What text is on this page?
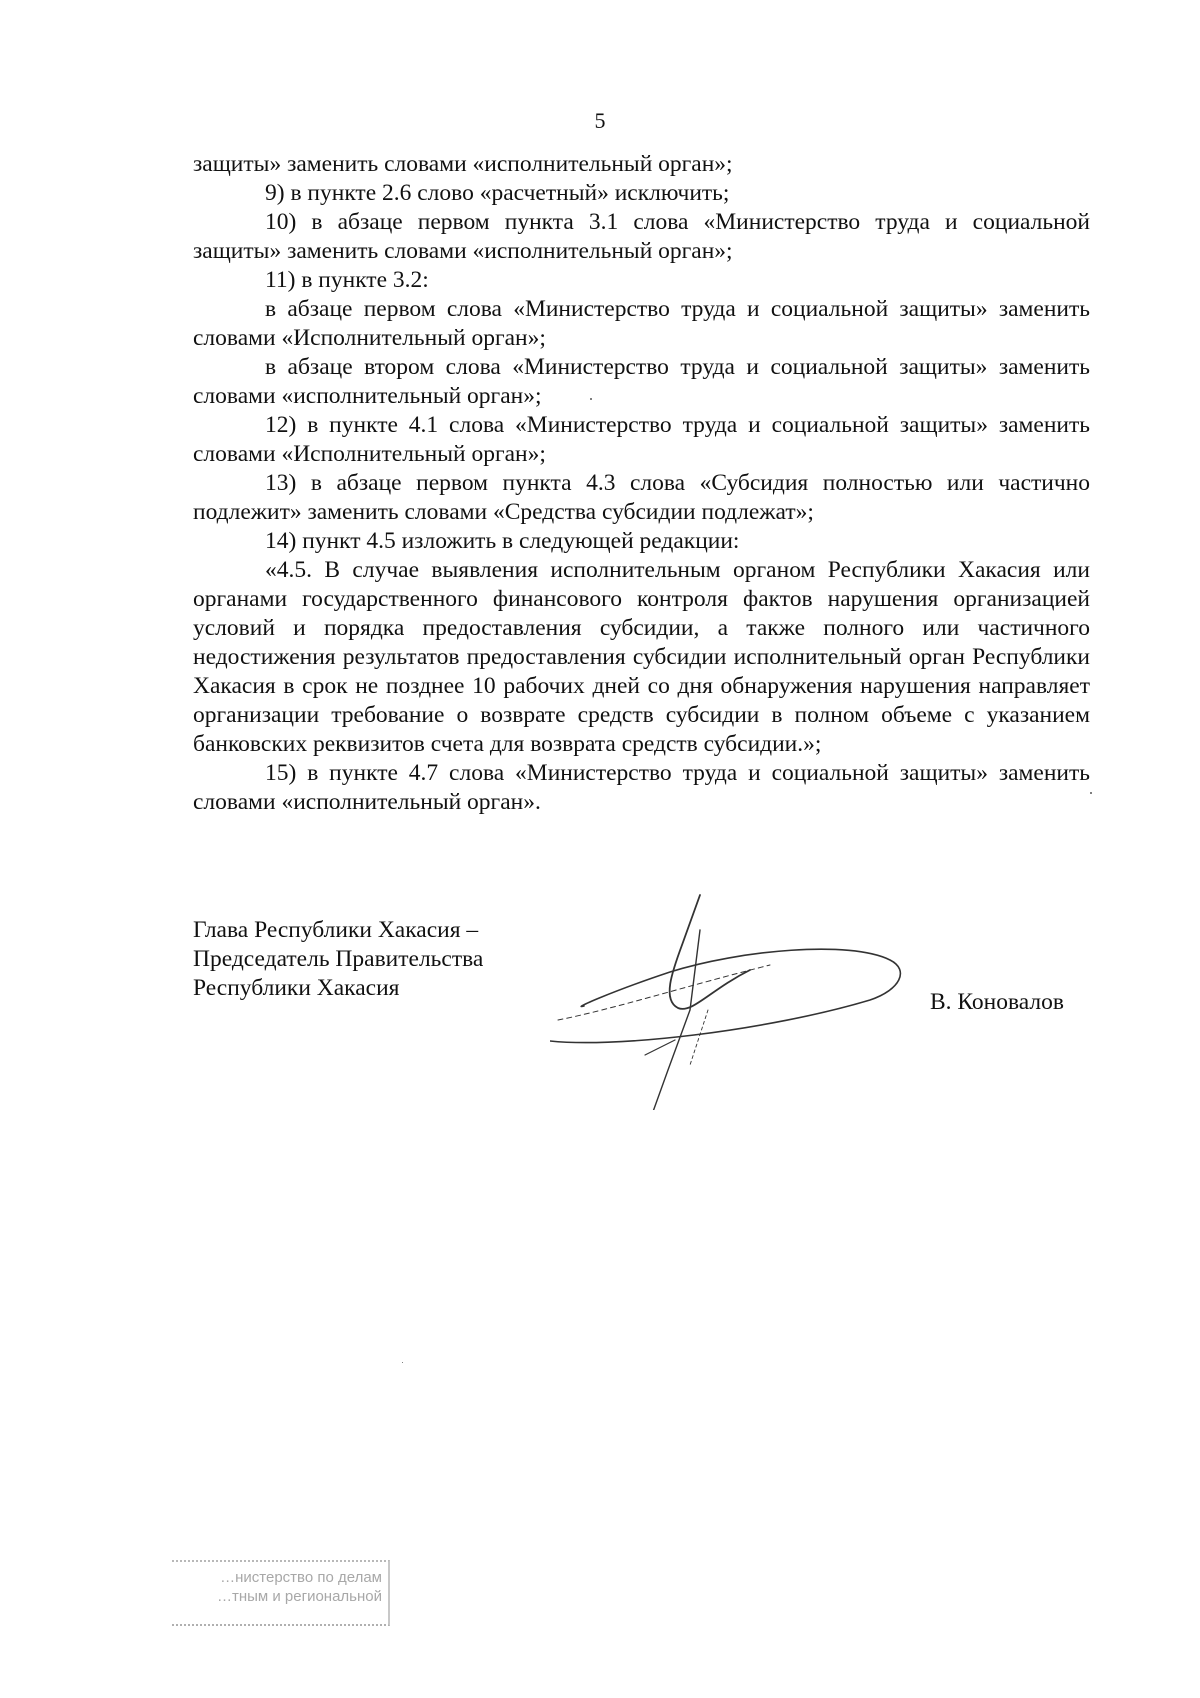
5

защиты» заменить словами «исполнительный орган»;

9) в пункте 2.6 слово «расчетный» исключить;

10) в абзаце первом пункта 3.1 слова «Министерство труда и социальной защиты» заменить словами «исполнительный орган»;

11) в пункте 3.2:

в абзаце первом слова «Министерство труда и социальной защиты» заменить словами «Исполнительный орган»;

в абзаце втором слова «Министерство труда и социальной защиты» заменить словами «исполнительный орган»;

12) в пункте 4.1 слова «Министерство труда и социальной защиты» заменить словами «Исполнительный орган»;

13) в абзаце первом пункта 4.3 слова «Субсидия полностью или частично подлежит» заменить словами «Средства субсидии подлежат»;

14) пункт 4.5 изложить в следующей редакции:

«4.5. В случае выявления исполнительным органом Республики Хакасия или органами государственного финансового контроля фактов нарушения организацией условий и порядка предоставления субсидии, а также полного или частичного недостижения результатов предоставления субсидии исполнительный орган Республики Хакасия в срок не позднее 10 рабочих дней со дня обнаружения нарушения направляет организации требование о возврате средств субсидии в полном объеме с указанием банковских реквизитов счета для возврата средств субсидии.»;

15) в пункте 4.7 слова «Министерство труда и социальной защиты» заменить словами «исполнительный орган».

Глава Республики Хакасия –
Председатель Правительства
Республики Хакасия
В. Коновалов
…нистерство по делам
…тным и региональной
